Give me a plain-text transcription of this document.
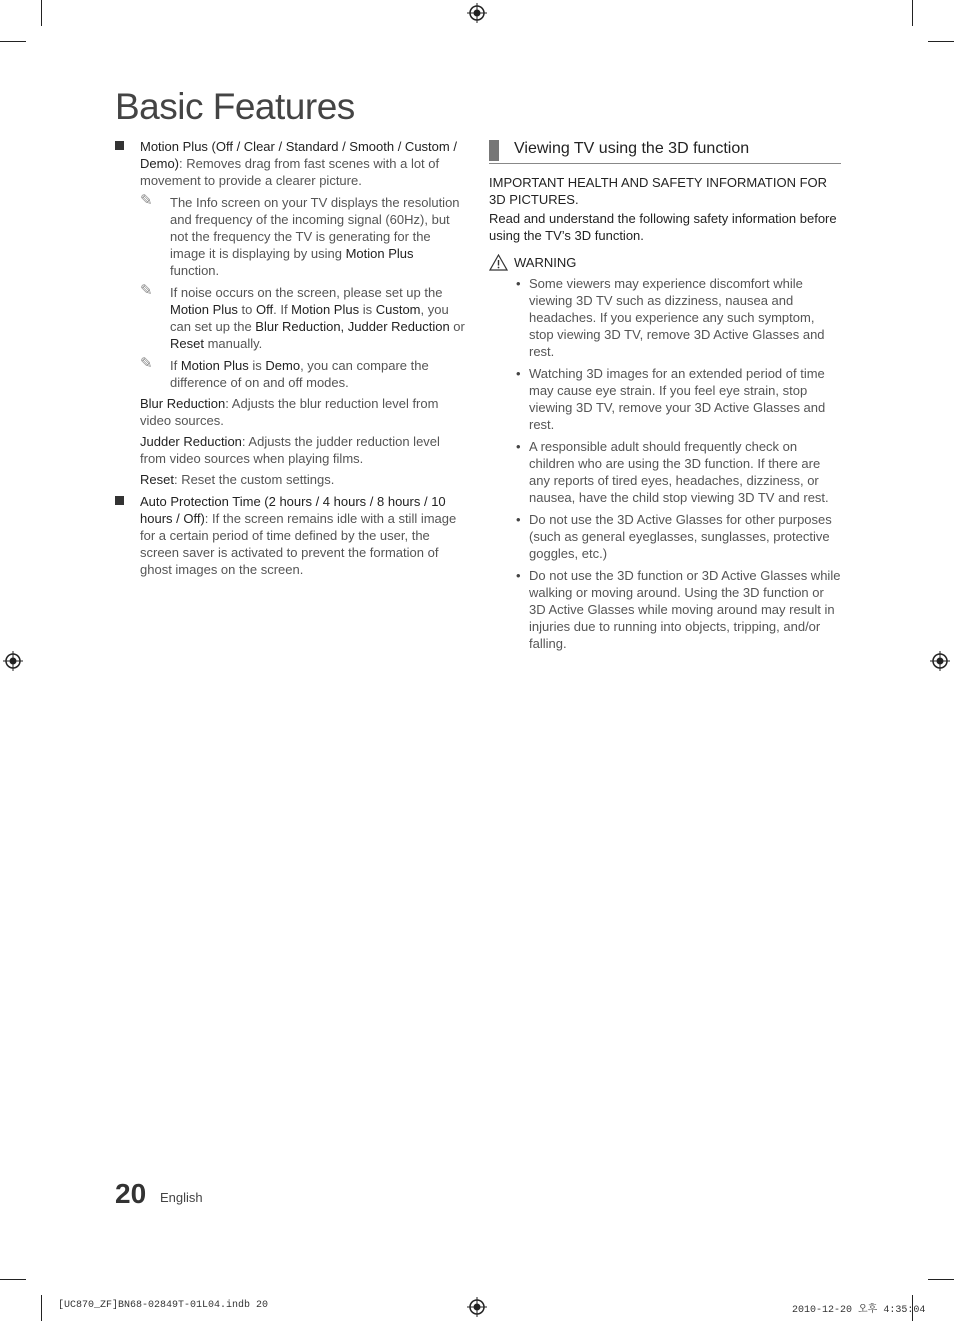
Basic Features
Motion Plus (Off / Clear / Standard / Smooth / Custom / Demo): Removes drag from fast scenes with a lot of movement to provide a clearer picture.
✎ The Info screen on your TV displays the resolution and frequency of the incoming signal (60Hz), but not the frequency the TV is generating for the image it is displaying by using Motion Plus function.
✎ If noise occurs on the screen, please set up the Motion Plus to Off. If Motion Plus is Custom, you can set up the Blur Reduction, Judder Reduction or Reset manually.
✎ If Motion Plus is Demo, you can compare the difference of on and off modes.
Blur Reduction: Adjusts the blur reduction level from video sources.
Judder Reduction: Adjusts the judder reduction level from video sources when playing films.
Reset: Reset the custom settings.
Auto Protection Time (2 hours / 4 hours / 8 hours / 10 hours / Off): If the screen remains idle with a still image for a certain period of time defined by the user, the screen saver is activated to prevent the formation of ghost images on the screen.
Viewing TV using the 3D function
IMPORTANT HEALTH AND SAFETY INFORMATION FOR 3D PICTURES.
Read and understand the following safety information before using the TV’s 3D function.
WARNING
• Some viewers may experience discomfort while viewing 3D TV such as dizziness, nausea and headaches. If you experience any such symptom, stop viewing 3D TV, remove 3D Active Glasses and rest.
• Watching 3D images for an extended period of time may cause eye strain. If you feel eye strain, stop viewing 3D TV, remove your 3D Active Glasses and rest.
• A responsible adult should frequently check on children who are using the 3D function. If there are any reports of tired eyes, headaches, dizziness, or nausea, have the child stop viewing 3D TV and rest.
• Do not use the 3D Active Glasses for other purposes (such as general eyeglasses, sunglasses, protective goggles, etc.)
• Do not use the 3D function or 3D Active Glasses while walking or moving around. Using the 3D function or 3D Active Glasses while moving around may result in injuries due to running into objects, tripping, and/or falling.
20 English
[UC870_ZF]BN68-02849T-01L04.indb 20	2010-12-20 오후 4:35:04
